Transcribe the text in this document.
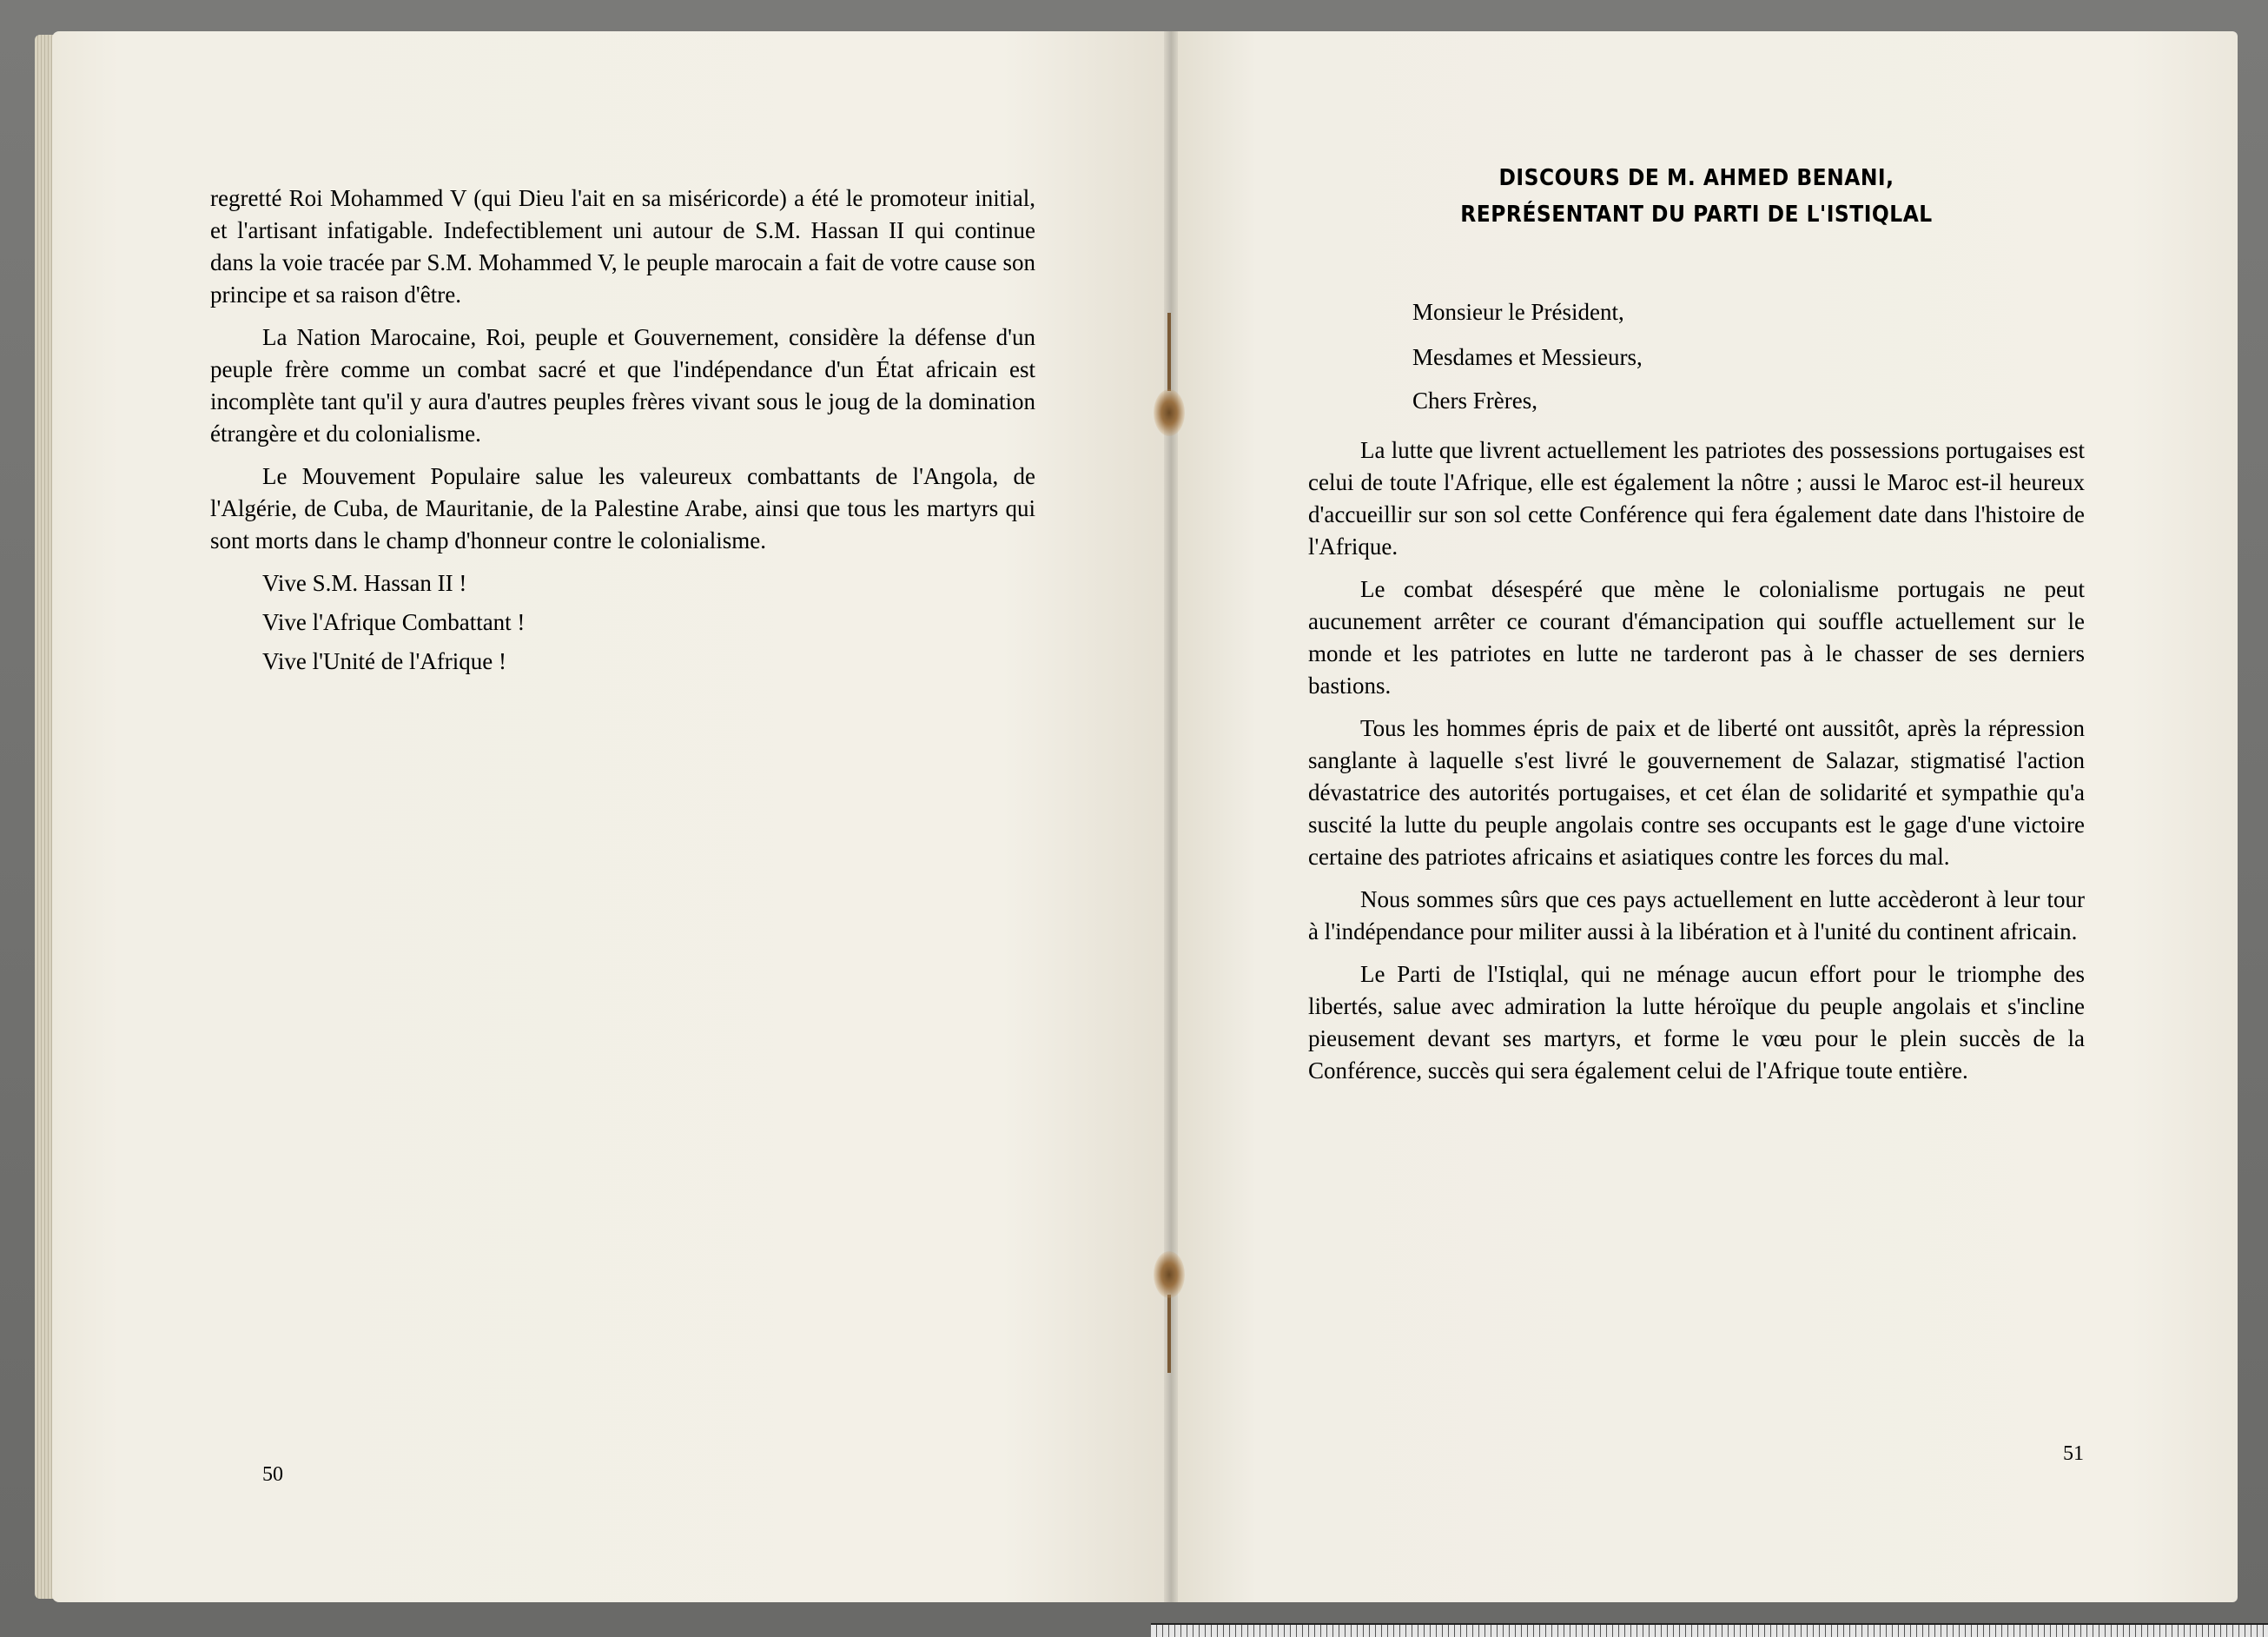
regretté Roi Mohammed V (qui Dieu l'ait en sa miséricorde) a été le promoteur initial, et l'artisant infatigable. Indefectiblement uni autour de S.M. Hassan II qui continue dans la voie tracée par S.M. Mohammed V, le peuple marocain a fait de votre cause son principe et sa raison d'être.

La Nation Marocaine, Roi, peuple et Gouvernement, considère la défense d'un peuple frère comme un combat sacré et que l'indépendance d'un État africain est incomplète tant qu'il y aura d'autres peuples frères vivant sous le joug de la domination étrangère et du colonialisme.

Le Mouvement Populaire salue les valeureux combattants de l'Angola, de l'Algérie, de Cuba, de Mauritanie, de la Palestine Arabe, ainsi que tous les martyrs qui sont morts dans le champ d'honneur contre le colonialisme.

Vive S.M. Hassan II !

Vive l'Afrique Combattant !

Vive l'Unité de l'Afrique !

50

DISCOURS DE M. AHMED BENANI,

REPRÉSENTANT DU PARTI DE L'ISTIQLAL

Monsieur le Président,

Mesdames et Messieurs,

Chers Frères,

La lutte que livrent actuellement les patriotes des possessions portugaises est celui de toute l'Afrique, elle est également la nôtre ; aussi le Maroc est-il heureux d'accueillir sur son sol cette Conférence qui fera également date dans l'histoire de l'Afrique.

Le combat désespéré que mène le colonialisme portugais ne peut aucunement arrêter ce courant d'émancipation qui souffle actuellement sur le monde et les patriotes en lutte ne tarderont pas à le chasser de ses derniers bastions.

Tous les hommes épris de paix et de liberté ont aussitôt, après la répression sanglante à laquelle s'est livré le gouvernement de Salazar, stigmatisé l'action dévastatrice des autorités portugaises, et cet élan de solidarité et sympathie qu'a suscité la lutte du peuple angolais contre ses occupants est le gage d'une victoire certaine des patriotes africains et asiatiques contre les forces du mal.

Nous sommes sûrs que ces pays actuellement en lutte accèderont à leur tour à l'indépendance pour militer aussi à la libération et à l'unité du continent africain.

Le Parti de l'Istiqlal, qui ne ménage aucun effort pour le triomphe des libertés, salue avec admiration la lutte héroïque du peuple angolais et s'incline pieusement devant ses martyrs, et forme le vœu pour le plein succès de la Conférence, succès qui sera également celui de l'Afrique toute entière.

51
